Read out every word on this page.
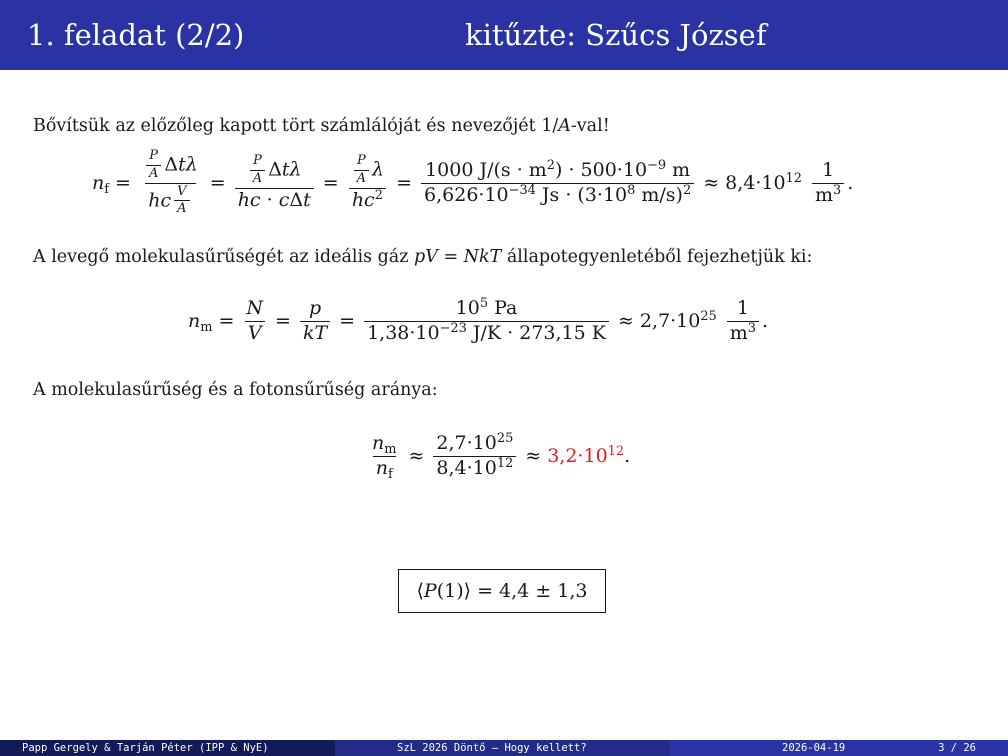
1. feladat (2/2)	kitűzte: Szűcs József
Bővítsük az előzőleg kapott tört számlálóját és nevezőjét 1/A-val!
$n_f = \frac{\frac{P}{A} \Delta t\lambda}{hc \frac{V}{A}} = \frac{\frac{P}{A} \Delta t\lambda}{\text{hc · cΔt}} = \frac{\frac{P}{A} \lambda}{hc^2} = \frac{1000 J/(s \cdot m^2) \cdot 500\cdot 10^{-9} m}{6,626\cdot 10^{-34} Js \cdot (3\cdot 10^8 m/s)^2} \approx 8,4\cdot 10^{12} \frac{1}{m^3}$ .
A levegő molekulasűrűségét az ideális gáz pV = NkT állapotegyenletéből fejezhetjük ki:
$n_m = \frac{N}{V} = \frac{p}{kT} = \frac{10^5 Pa}{1,38\cdot 10^{-23} J/K \cdot 273,15 K} \approx 2,7\cdot 10^{25} \frac{1}{m^3}$ .
A molekulasűrűség és a fotonsűrűség aránya:
$\frac{n_m}{n_f} \approx \frac{2,7\cdot 10^{25}}{8,4\cdot 10^{12}} \approx 3,2\cdot 10^{12}$ .
⟨ P (1)⟩ = 4,4 ± 1,3
Papp Gergely & Tarján Péter (IPP & NyE)	SzL 2026 Döntő – Hogy kellett?	2026-04-19	3 / 26
